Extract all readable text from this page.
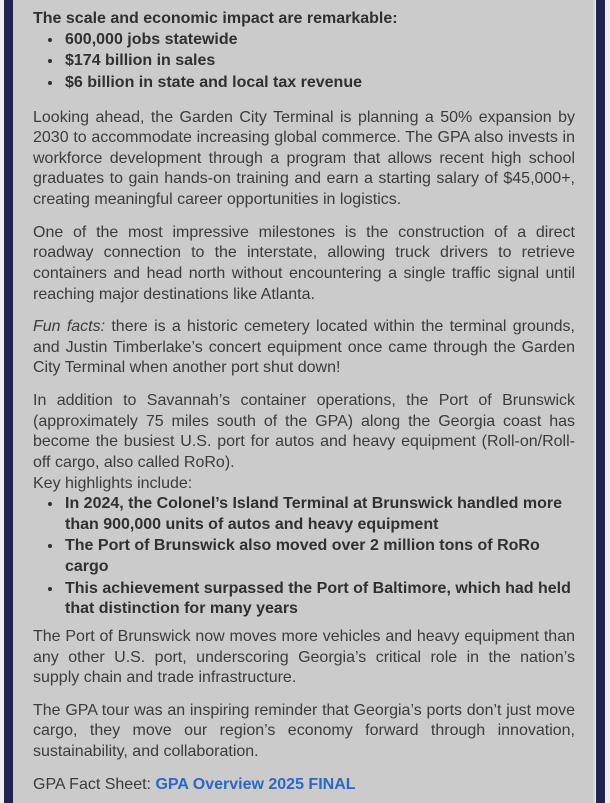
The scale and economic impact are remarkable:

• 600,000 jobs statewide
• $174 billion in sales
• $6 billion in state and local tax revenue

Looking ahead, the Garden City Terminal is planning a 50% expansion by 2030 to accommodate increasing global commerce. The GPA also invests in workforce development through a program that allows recent high school graduates to gain hands-on training and earn a starting salary of $45,000+, creating meaningful career opportunities in logistics.

One of the most impressive milestones is the construction of a direct roadway connection to the interstate, allowing truck drivers to retrieve containers and head north without encountering a single traffic signal until reaching major destinations like Atlanta.

Fun facts: there is a historic cemetery located within the terminal grounds, and Justin Timberlake’s concert equipment once came through the Garden City Terminal when another port shut down!

In addition to Savannah’s container operations, the Port of Brunswick (approximately 75 miles south of the GPA) along the Georgia coast has become the busiest U.S. port for autos and heavy equipment (Roll-on/Roll-off cargo, also called RoRo).

Key highlights include:

• In 2024, the Colonel’s Island Terminal at Brunswick handled more than 900,000 units of autos and heavy equipment
• The Port of Brunswick also moved over 2 million tons of RoRo cargo
• This achievement surpassed the Port of Baltimore, which had held that distinction for many years

The Port of Brunswick now moves more vehicles and heavy equipment than any other U.S. port, underscoring Georgia’s critical role in the nation’s supply chain and trade infrastructure.

The GPA tour was an inspiring reminder that Georgia’s ports don’t just move cargo, they move our region’s economy forward through innovation, sustainability, and collaboration.

GPA Fact Sheet: GPA Overview 2025 FINAL
